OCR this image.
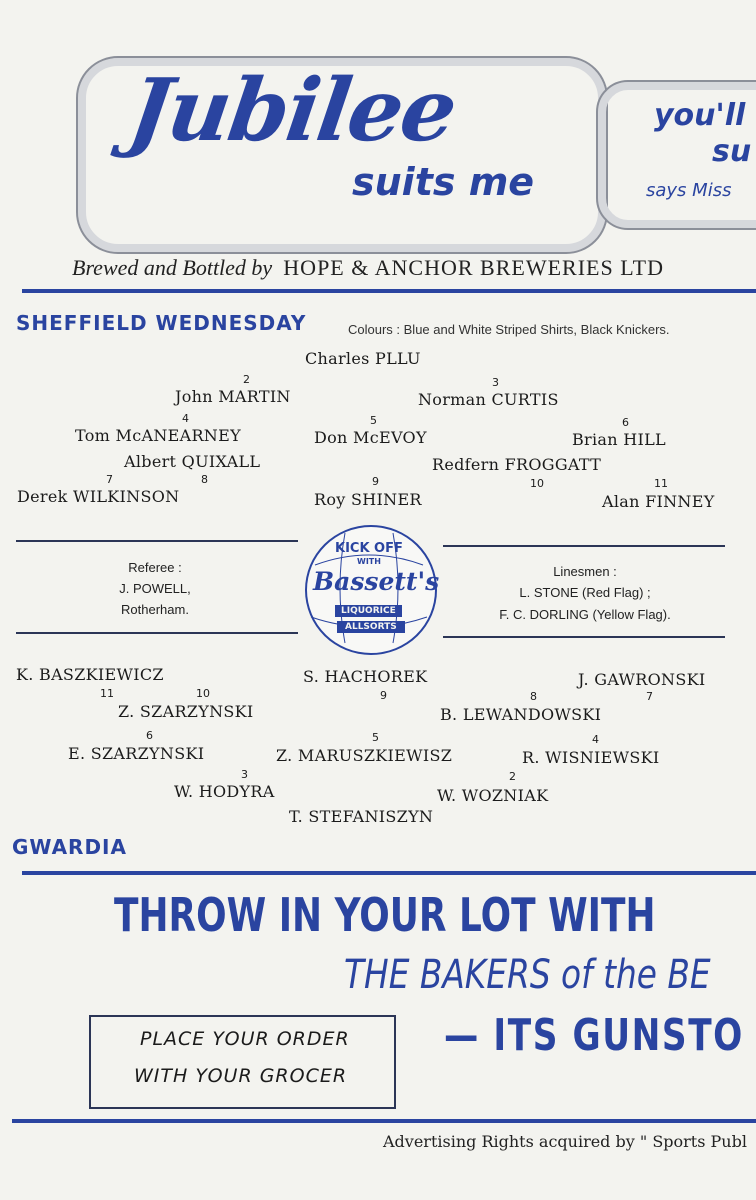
Jubilee
suits me
you'll
su
says Miss
Brewed and Bottled by HOPE & ANCHOR BREWERIES LTD
SHEFFIELD WEDNESDAY	Colours : Blue and White Striped Shirts, Black Knickers.
Charles PLLU
2
John MARTIN
3
Norman CURTIS
4
Tom McANEARNEY
5
Don McEVOY
6
Brian HILL
Albert QUIXALL	Redfern FROGGATT
7	8	9	10	11
Derek WILKINSON	Roy SHINER	Alan FINNEY
Referee :
J. POWELL,
Rotherham.
Linesmen :
L. STONE (Red Flag) ;
F. C. DORLING (Yellow Flag).
KICK OFF
WITH
Bassett's
LIQUORICE
ALLSORTS
K. BASZKIEWICZ	S. HACHOREK	J. GAWRONSKI
11	10	9	8	7
Z. SZARZYNSKI	B. LEWANDOWSKI
6	5	4
E. SZARZYNSKI	Z. MARUSZKIEWISZ	R. WISNIEWSKI
3	2
W. HODYRA	W. WOZNIAK
T. STEFANISZYN
GWARDIA
THROW IN YOUR LOT WITH
THE BAKERS of the BE
PLACE YOUR ORDER
WITH YOUR GROCER
— ITS GUNSTO
Advertising Rights acquired by " Sports Publ
